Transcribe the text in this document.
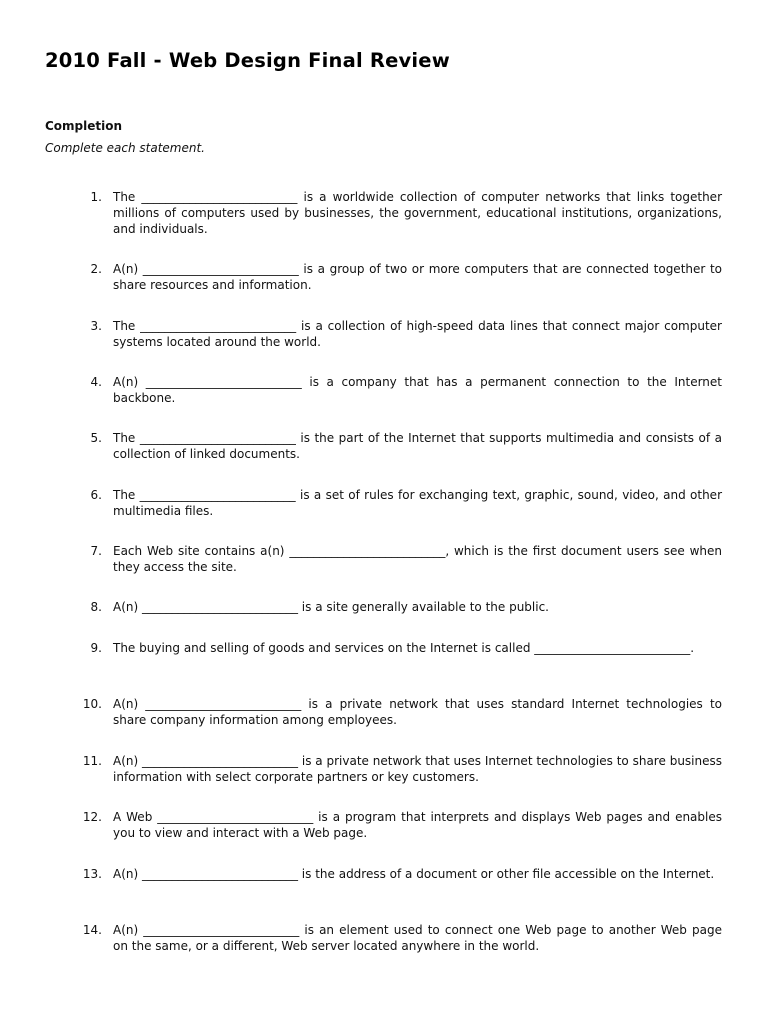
2010 Fall - Web Design Final Review
Completion
Complete each statement.
1. The __________________________ is a worldwide collection of computer networks that links together millions of computers used by businesses, the government, educational institutions, organizations, and individuals.
2. A(n) __________________________ is a group of two or more computers that are connected together to share resources and information.
3. The __________________________ is a collection of high-speed data lines that connect major computer systems located around the world.
4. A(n) __________________________ is a company that has a permanent connection to the Internet backbone.
5. The __________________________ is the part of the Internet that supports multimedia and consists of a collection of linked documents.
6. The __________________________ is a set of rules for exchanging text, graphic, sound, video, and other multimedia files.
7. Each Web site contains a(n) __________________________, which is the first document users see when they access the site.
8. A(n) __________________________ is a site generally available to the public.
9. The buying and selling of goods and services on the Internet is called __________________________.
10. A(n) __________________________ is a private network that uses standard Internet technologies to share company information among employees.
11. A(n) __________________________ is a private network that uses Internet technologies to share business information with select corporate partners or key customers.
12. A Web __________________________ is a program that interprets and displays Web pages and enables you to view and interact with a Web page.
13. A(n) __________________________ is the address of a document or other file accessible on the Internet.
14. A(n) __________________________ is an element used to connect one Web page to another Web page on the same, or a different, Web server located anywhere in the world.
